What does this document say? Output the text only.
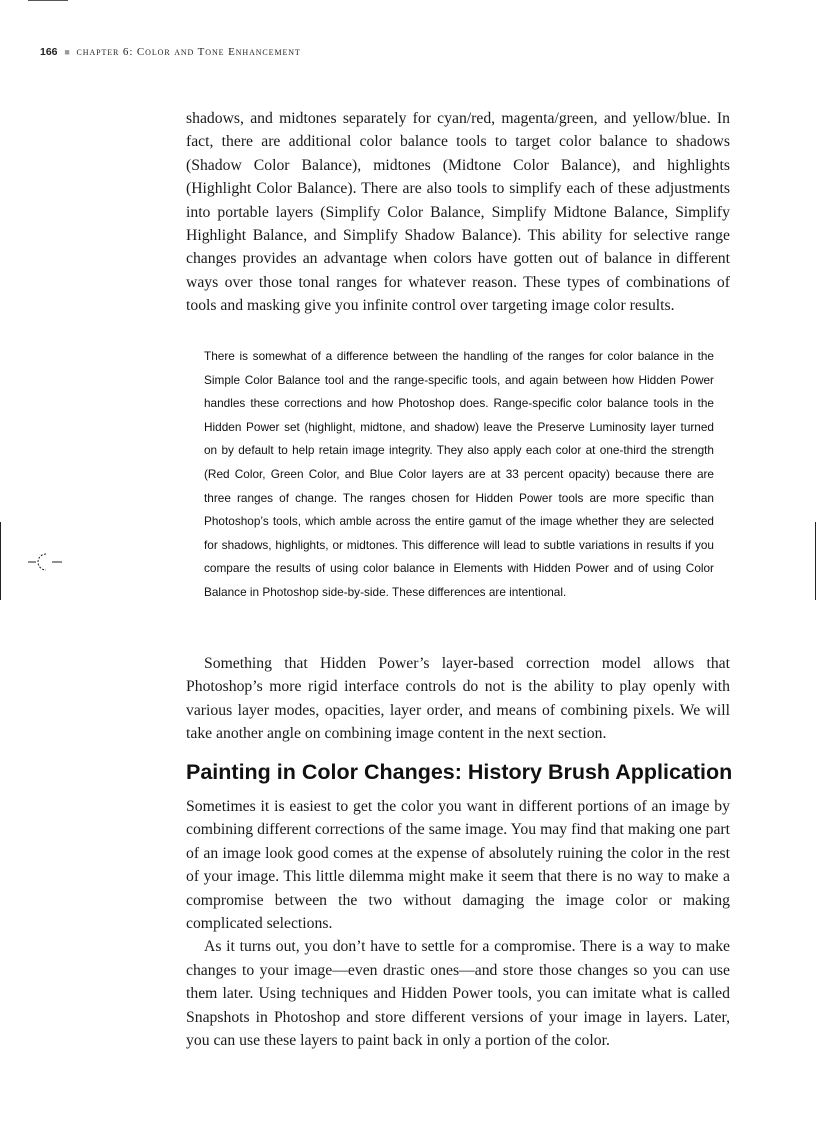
166 ■ chapter 6: Color and Tone Enhancement

shadows, and midtones separately for cyan/red, magenta/green, and yellow/blue. In fact, there are additional color balance tools to target color balance to shadows (Shadow Color Balance), midtones (Midtone Color Balance), and highlights (Highlight Color Balance). There are also tools to simplify each of these adjustments into portable layers (Simplify Color Balance, Simplify Midtone Balance, Simplify Highlight Balance, and Simplify Shadow Balance). This ability for selective range changes provides an advantage when colors have gotten out of balance in different ways over those tonal ranges for whatever reason. These types of combinations of tools and masking give you infinite control over targeting image color results.

There is somewhat of a difference between the handling of the ranges for color balance in the Simple Color Balance tool and the range-specific tools, and again between how Hidden Power handles these corrections and how Photoshop does. Range-specific color balance tools in the Hidden Power set (highlight, midtone, and shadow) leave the Preserve Luminosity layer turned on by default to help retain image integrity. They also apply each color at one-third the strength (Red Color, Green Color, and Blue Color layers are at 33 percent opacity) because there are three ranges of change. The ranges chosen for Hidden Power tools are more specific than Photoshop’s tools, which amble across the entire gamut of the image whether they are selected for shadows, highlights, or midtones. This difference will lead to subtle variations in results if you compare the results of using color balance in Elements with Hidden Power and of using Color Balance in Photoshop side-by-side. These differences are intentional.

Something that Hidden Power’s layer-based correction model allows that Photoshop’s more rigid interface controls do not is the ability to play openly with various layer modes, opacities, layer order, and means of combining pixels. We will take another angle on combining image content in the next section.

Painting in Color Changes: History Brush Application

Sometimes it is easiest to get the color you want in different portions of an image by combining different corrections of the same image. You may find that making one part of an image look good comes at the expense of absolutely ruining the color in the rest of your image. This little dilemma might make it seem that there is no way to make a compromise between the two without damaging the image color or making complicated selections.

As it turns out, you don’t have to settle for a compromise. There is a way to make changes to your image—even drastic ones—and store those changes so you can use them later. Using techniques and Hidden Power tools, you can imitate what is called Snapshots in Photoshop and store different versions of your image in layers. Later, you can use these layers to paint back in only a portion of the color.
